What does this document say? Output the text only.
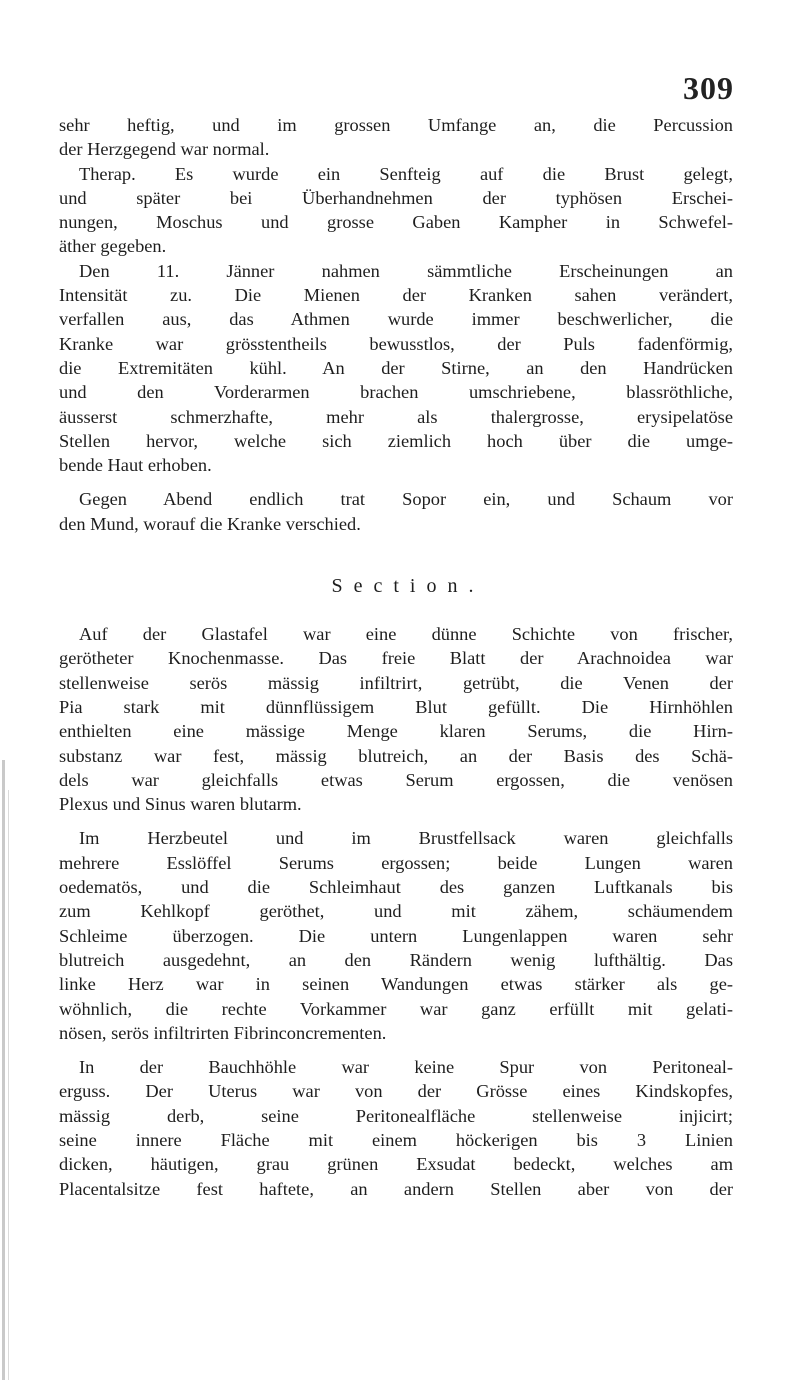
309
sehr heftig, und im grossen Umfange an, die Percussion
der Herzgegend war normal.
Therap. Es wurde ein Senfteig auf die Brust gelegt,
und später bei Überhandnehmen der typhösen Erschei-
nungen, Moschus und grosse Gaben Kampher in Schwefel-
äther gegeben.
Den 11. Jänner nahmen sämmtliche Erscheinungen an
Intensität zu. Die Mienen der Kranken sahen verändert,
verfallen aus, das Athmen wurde immer beschwerlicher, die
Kranke war grösstentheils bewusstlos, der Puls fadenförmig,
die Extremitäten kühl. An der Stirne, an den Handrücken
und den Vorderarmen brachen umschriebene, blassröthliche,
äusserst schmerzhafte, mehr als thalergrosse, erysipelatöse
Stellen hervor, welche sich ziemlich hoch über die umge-
bende Haut erhoben.
Gegen Abend endlich trat Sopor ein, und Schaum vor
den Mund, worauf die Kranke verschied.
Section.
Auf der Glastafel war eine dünne Schichte von frischer,
gerötheter Knochenmasse. Das freie Blatt der Arachnoidea war
stellenweise serös mässig infiltrirt, getrübt, die Venen der
Pia stark mit dünnflüssigem Blut gefüllt. Die Hirnhöhlen
enthielten eine mässige Menge klaren Serums, die Hirn-
substanz war fest, mässig blutreich, an der Basis des Schä-
dels war gleichfalls etwas Serum ergossen, die venösen
Plexus und Sinus waren blutarm.
Im Herzbeutel und im Brustfellsack waren gleichfalls
mehrere Esslöffel Serums ergossen; beide Lungen waren
oedematös, und die Schleimhaut des ganzen Luftkanals bis
zum Kehlkopf geröthet, und mit zähem, schäumendem
Schleime überzogen. Die untern Lungenlappen waren sehr
blutreich ausgedehnt, an den Rändern wenig lufthältig. Das
linke Herz war in seinen Wandungen etwas stärker als ge-
wöhnlich, die rechte Vorkammer war ganz erfüllt mit gelati-
nösen, serös infiltrirten Fibrinconcrementen.
In der Bauchhöhle war keine Spur von Peritoneal-
erguss. Der Uterus war von der Grösse eines Kindskopfes,
mässig derb, seine Peritonealfläche stellenweise injicirt;
seine innere Fläche mit einem höckerigen bis 3 Linien
dicken, häutigen, grau grünen Exsudat bedeckt, welches am
Placentalsitze fest haftete, an andern Stellen aber von der
